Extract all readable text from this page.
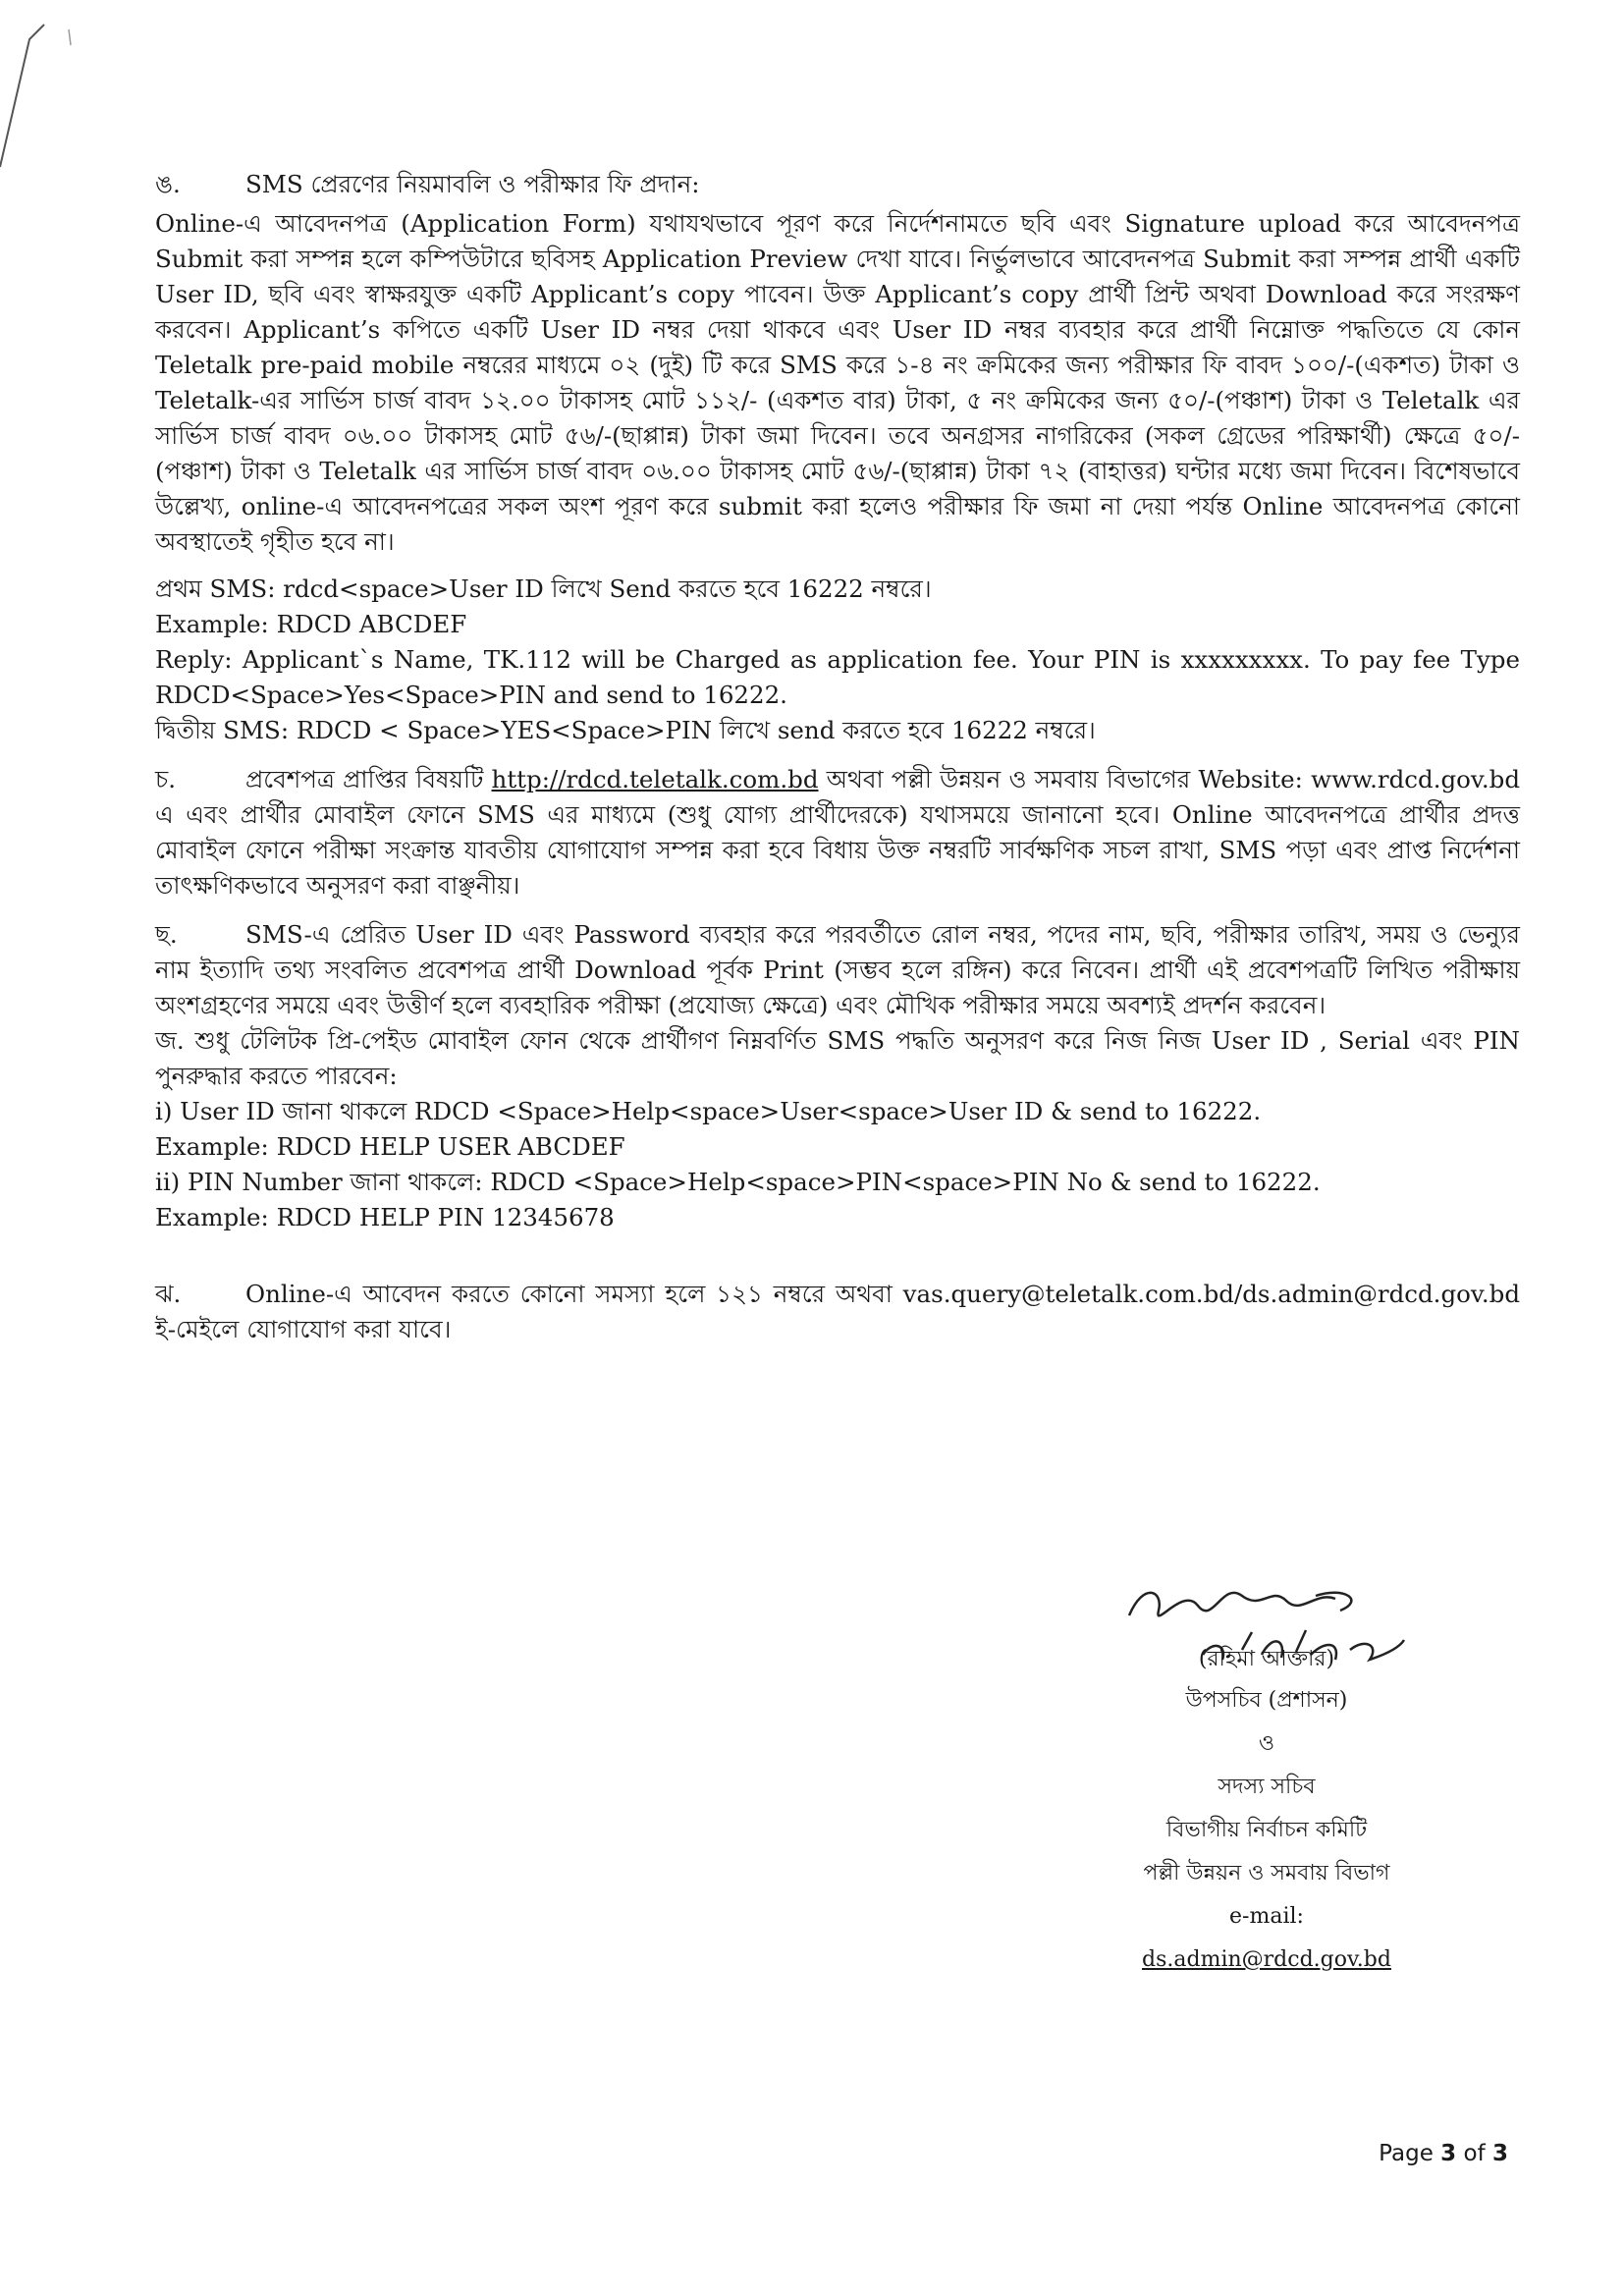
ঙ.	SMS প্রেরণের নিয়মাবলি ও পরীক্ষার ফি প্রদান:

Online-এ আবেদনপত্র (Application Form) যথাযথভাবে পূরণ করে নির্দেশনামতে ছবি এবং Signature upload করে আবেদনপত্র Submit করা সম্পন্ন হলে কম্পিউটারে ছবিসহ Application Preview দেখা যাবে। নির্ভুলভাবে আবেদনপত্র Submit করা সম্পন্ন প্রার্থী একটি User ID, ছবি এবং স্বাক্ষরযুক্ত একটি Applicant’s copy পাবেন। উক্ত Applicant’s copy প্রার্থী প্রিন্ট অথবা Download করে সংরক্ষণ করবেন। Applicant’s কপিতে একটি User ID নম্বর দেয়া থাকবে এবং User ID নম্বর ব্যবহার করে প্রার্থী নিম্নোক্ত পদ্ধতিতে যে কোন Teletalk pre-paid mobile নম্বরের মাধ্যমে ০২ (দুই) টি করে SMS করে ১-৪ নং ক্রমিকের জন্য পরীক্ষার ফি বাবদ ১০০/-(একশত) টাকা ও Teletalk-এর সার্ভিস চার্জ বাবদ ১২.০০ টাকাসহ মোট ১১২/- (একশত বার) টাকা, ৫ নং ক্রমিকের জন্য ৫০/-(পঞ্চাশ) টাকা ও Teletalk এর সার্ভিস চার্জ বাবদ ০৬.০০ টাকাসহ মোট ৫৬/-(ছাপ্পান্ন) টাকা জমা দিবেন। তবে অনগ্রসর নাগরিকের (সকল গ্রেডের পরিক্ষার্থী) ক্ষেত্রে ৫০/-(পঞ্চাশ) টাকা ও Teletalk এর সার্ভিস চার্জ বাবদ ০৬.০০ টাকাসহ মোট ৫৬/-(ছাপ্পান্ন) টাকা ৭২ (বাহাত্তর) ঘন্টার মধ্যে জমা দিবেন। বিশেষভাবে উল্লেখ্য, online-এ আবেদনপত্রের সকল অংশ পূরণ করে submit করা হলেও পরীক্ষার ফি জমা না দেয়া পর্যন্ত Online আবেদনপত্র কোনো অবস্থাতেই গৃহীত হবে না।

প্রথম SMS: rdcd<space>User ID লিখে Send করতে হবে 16222 নম্বরে।

Example: RDCD ABCDEF

Reply: Applicant`s Name, TK.112 will be Charged as application fee. Your PIN is xxxxxxxxx. To pay fee Type RDCD<Space>Yes<Space>PIN and send to 16222.

দ্বিতীয় SMS: RDCD < Space>YES<Space>PIN লিখে send করতে হবে 16222 নম্বরে।

চ.	প্রবেশপত্র প্রাপ্তির বিষয়টি http://rdcd.teletalk.com.bd অথবা পল্লী উন্নয়ন ও সমবায় বিভাগের Website: www.rdcd.gov.bd এ এবং প্রার্থীর মোবাইল ফোনে SMS এর মাধ্যমে (শুধু যোগ্য প্রার্থীদেরকে) যথাসময়ে জানানো হবে। Online আবেদনপত্রে প্রার্থীর প্রদত্ত মোবাইল ফোনে পরীক্ষা সংক্রান্ত যাবতীয় যোগাযোগ সম্পন্ন করা হবে বিধায় উক্ত নম্বরটি সার্বক্ষণিক সচল রাখা, SMS পড়া এবং প্রাপ্ত নির্দেশনা তাৎক্ষণিকভাবে অনুসরণ করা বাঞ্ছনীয়।

ছ.	SMS-এ প্রেরিত User ID এবং Password ব্যবহার করে পরবর্তীতে রোল নম্বর, পদের নাম, ছবি, পরীক্ষার তারিখ, সময় ও ভেন্যুর নাম ইত্যাদি তথ্য সংবলিত প্রবেশপত্র প্রার্থী Download পূর্বক Print (সম্ভব হলে রঙ্গিন) করে নিবেন। প্রার্থী এই প্রবেশপত্রটি লিখিত পরীক্ষায় অংশগ্রহণের সময়ে এবং উত্তীর্ণ হলে ব্যবহারিক পরীক্ষা (প্রযোজ্য ক্ষেত্রে) এবং মৌখিক পরীক্ষার সময়ে অবশ্যই প্রদর্শন করবেন।

জ. শুধু টেলিটক প্রি-পেইড মোবাইল ফোন থেকে প্রার্থীগণ নিম্নবর্ণিত SMS পদ্ধতি অনুসরণ করে নিজ নিজ User ID , Serial এবং PIN পুনরুদ্ধার করতে পারবেন:

i) User ID জানা থাকলে RDCD <Space>Help<space>User<space>User ID & send to 16222.

Example: RDCD HELP USER ABCDEF

ii) PIN Number জানা থাকলে: RDCD <Space>Help<space>PIN<space>PIN No & send to 16222.

Example: RDCD HELP PIN 12345678

ঝ.	Online-এ আবেদন করতে কোনো সমস্যা হলে ১২১ নম্বরে অথবা vas.query@teletalk.com.bd/ds.admin@rdcd.gov.bd ই-মেইলে যোগাযোগ করা যাবে।

(রহিমা আক্তার)
উপসচিব (প্রশাসন)
ও
সদস্য সচিব
বিভাগীয় নির্বাচন কমিটি
পল্লী উন্নয়ন ও সমবায় বিভাগ
e-mail: ds.admin@rdcd.gov.bd
Page 3 of 3
